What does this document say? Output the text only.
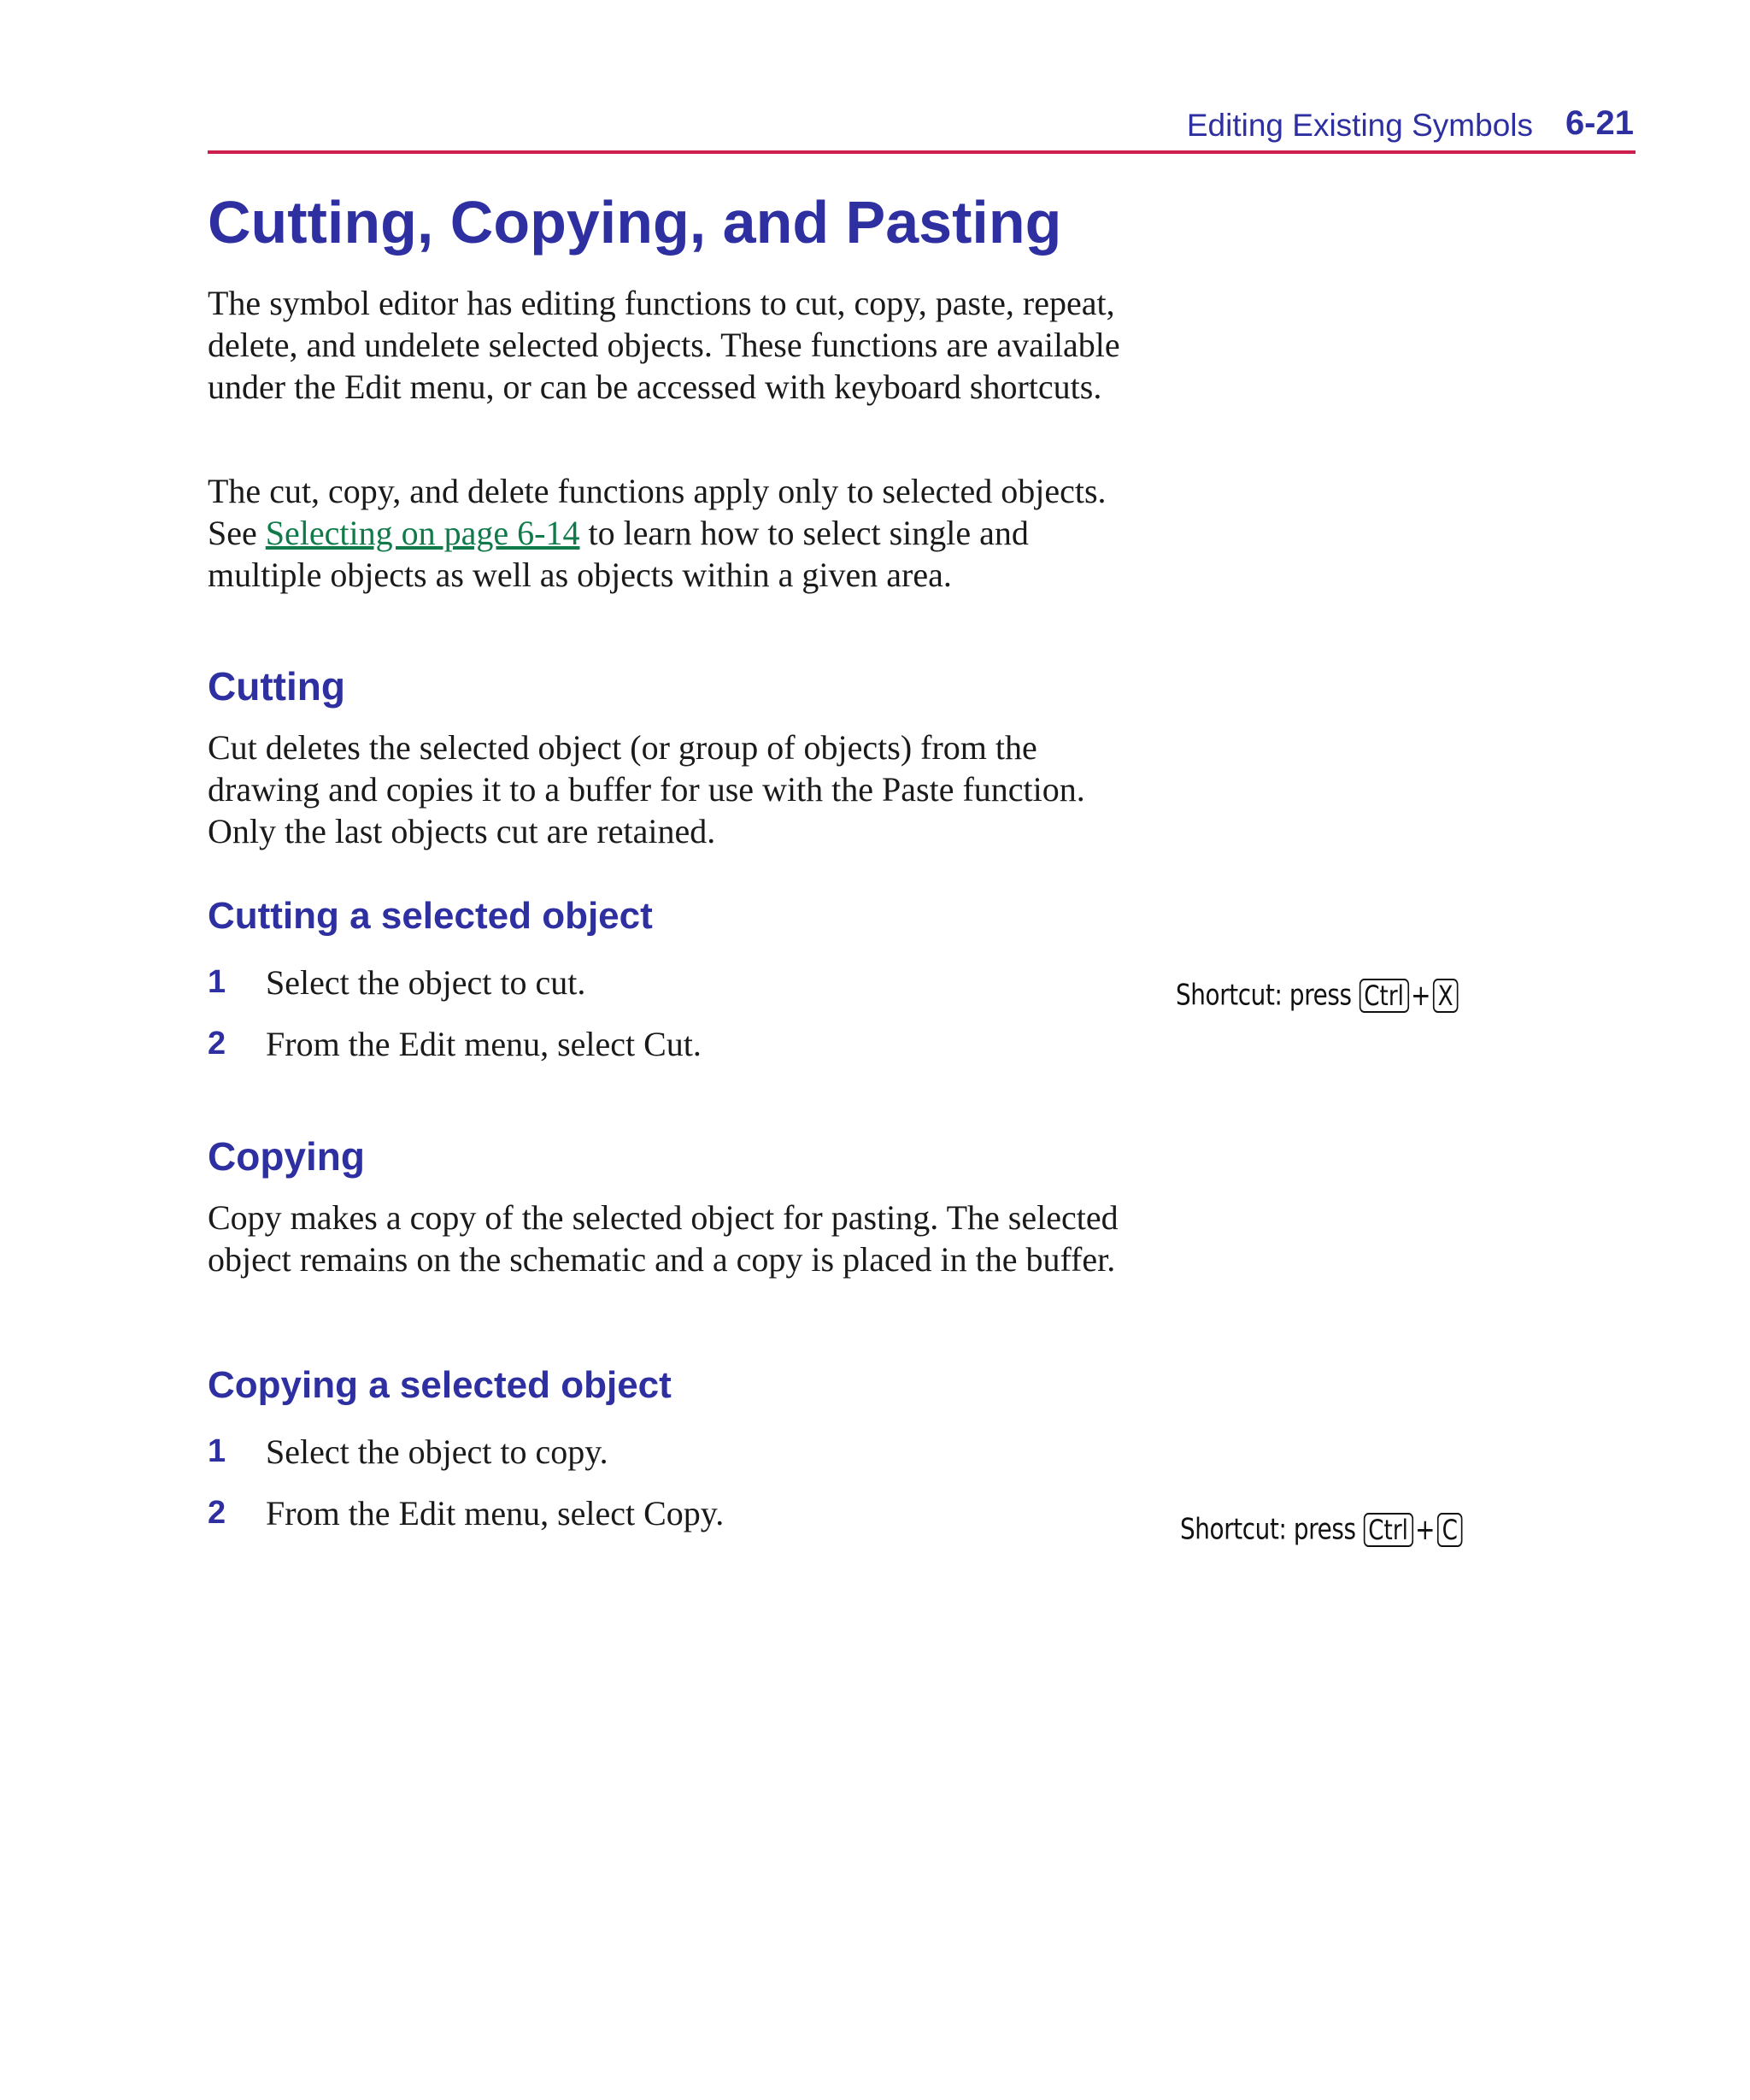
Editing Existing Symbols 6-21
Cutting, Copying, and Pasting

The symbol editor has editing functions to cut, copy, paste, repeat, delete, and undelete selected objects. These functions are available under the Edit menu, or can be accessed with keyboard shortcuts.

The cut, copy, and delete functions apply only to selected objects. See Selecting on page 6-14 to learn how to select single and multiple objects as well as objects within a given area.

Cutting

Cut deletes the selected object (or group of objects) from the drawing and copies it to a buffer for use with the Paste function. Only the last objects cut are retained.

Cutting a selected object
1 Select the object to cut.
2 From the Edit menu, select Cut.
Shortcut: press Ctrl + X
Copying

Copy makes a copy of the selected object for pasting. The selected object remains on the schematic and a copy is placed in the buffer.

Copying a selected object
1 Select the object to copy.
2 From the Edit menu, select Copy.	Shortcut: press Ctrl + C
